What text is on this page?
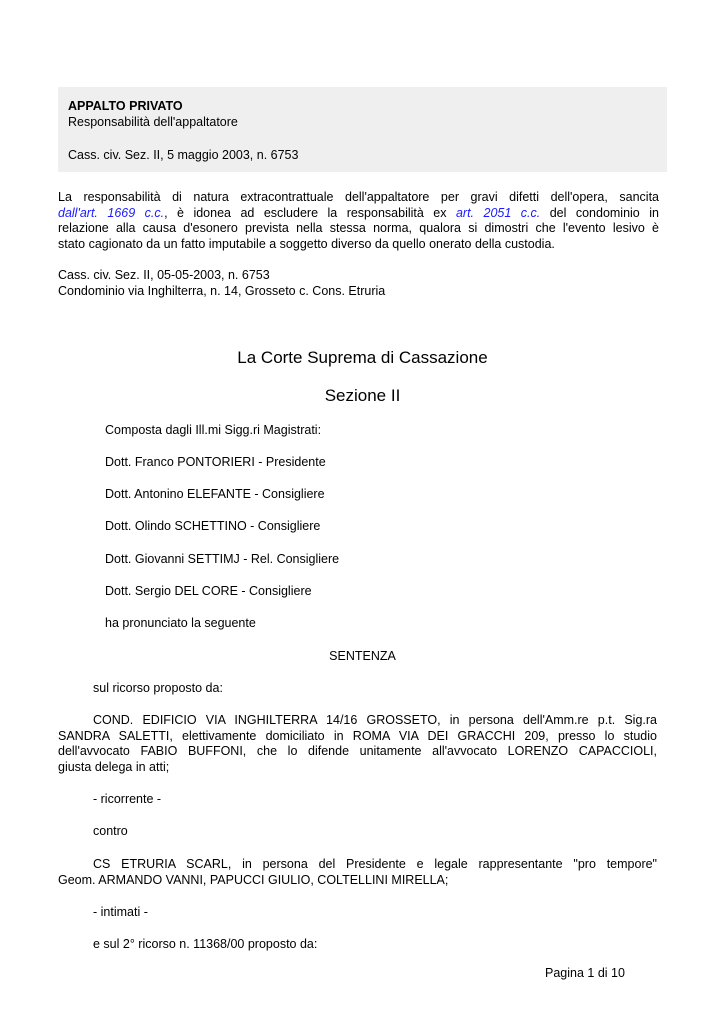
APPALTO PRIVATO
Responsabilità dell'appaltatore
Cass. civ. Sez. II, 5 maggio 2003, n. 6753
La responsabilità di natura extracontrattuale dell'appaltatore per gravi difetti dell'opera, sancita
dall'art. 1669 c.c., è idonea ad escludere la responsabilità ex art. 2051 c.c. del condominio in
relazione alla causa d'esonero prevista nella stessa norma, qualora si dimostri che l'evento lesivo è
stato cagionato da un fatto imputabile a soggetto diverso da quello onerato della custodia.
Cass. civ. Sez. II, 05-05-2003, n. 6753
Condominio via Inghilterra, n. 14, Grosseto c. Cons. Etruria
La Corte Suprema di Cassazione
Sezione II
Composta dagli Ill.mi Sigg.ri Magistrati:
Dott. Franco PONTORIERI - Presidente
Dott. Antonino ELEFANTE - Consigliere
Dott. Olindo SCHETTINO - Consigliere
Dott. Giovanni SETTIMJ - Rel. Consigliere
Dott. Sergio DEL CORE - Consigliere
ha pronunciato la seguente
SENTENZA
sul ricorso proposto da:
COND. EDIFICIO VIA INGHILTERRA 14/16 GROSSETO, in persona dell'Amm.re p.t. Sig.ra
SANDRA SALETTI, elettivamente domiciliato in ROMA VIA DEI GRACCHI 209, presso lo studio
dell'avvocato FABIO BUFFONI, che lo difende unitamente all'avvocato LORENZO CAPACCIOLI,
giusta delega in atti;
- ricorrente -
contro
CS ETRURIA SCARL, in persona del Presidente e legale rappresentante "pro tempore"
Geom. ARMANDO VANNI, PAPUCCI GIULIO, COLTELLINI MIRELLA;
- intimati -
e sul 2° ricorso n. 11368/00 proposto da:
Pagina 1 di 10
